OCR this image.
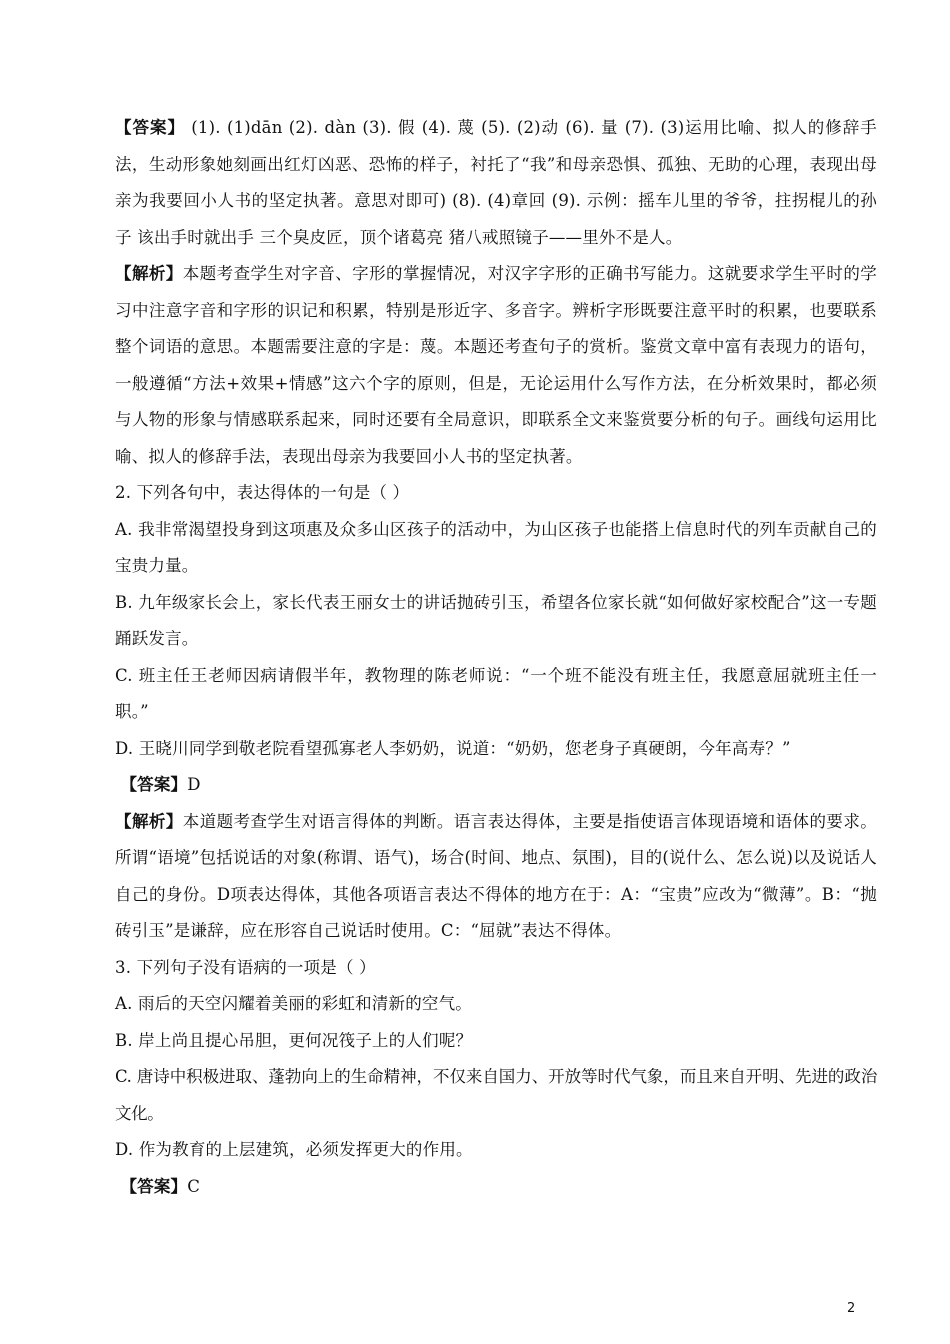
【答案】 (1). (1)dān (2). dàn (3). 假 (4). 蔑 (5). (2)动 (6). 量 (7). (3)运用比喻、拟人的修辞手法，生动形象她刻画出红灯凶恶、恐怖的样子，衬托了“我”和母亲恐惧、孤独、无助的心理，表现出母亲为我要回小人书的坚定执著。意思对即可) (8). (4)章回 (9). 示例：摇车儿里的爷爷，拄拐棍儿的孙子 该出手时就出手 三个臭皮匠，顶个诸葛亮 猪八戒照镜子——里外不是人。

【解析】本题考查学生对字音、字形的掌握情况，对汉字字形的正确书写能力。这就要求学生平时的学习中注意字音和字形的识记和积累，特别是形近字、多音字。辨析字形既要注意平时的积累，也要联系整个词语的意思。本题需要注意的字是：蔑。本题还考查句子的赏析。鉴赏文章中富有表现力的语句，一般遵循“方法+效果+情感”这六个字的原则，但是，无论运用什么写作方法，在分析效果时，都必须与人物的形象与情感联系起来，同时还要有全局意识，即联系全文来鉴赏要分析的句子。画线句运用比喻、拟人的修辞手法，表现出母亲为我要回小人书的坚定执著。

2. 下列各句中，表达得体的一句是（ ）

A. 我非常渴望投身到这项惠及众多山区孩子的活动中，为山区孩子也能搭上信息时代的列车贡献自己的宝贵力量。

B. 九年级家长会上，家长代表王丽女士的讲话抛砖引玉，希望各位家长就“如何做好家校配合”这一专题踊跃发言。

C. 班主任王老师因病请假半年，教物理的陈老师说：“一个班不能没有班主任，我愿意屈就班主任一职。”

D. 王晓川同学到敬老院看望孤寡老人李奶奶，说道：“奶奶，您老身子真硬朗，今年高寿？”

【答案】D

【解析】本道题考查学生对语言得体的判断。语言表达得体，主要是指使语言体现语境和语体的要求。所谓“语境”包括说话的对象(称谓、语气)，场合(时间、地点、氛围)，目的(说什么、怎么说)以及说话人自己的身份。D项表达得体，其他各项语言表达不得体的地方在于：A：“宝贵”应改为“微薄”。B：“抛砖引玉”是谦辞，应在形容自己说话时使用。C：“屈就”表达不得体。

3. 下列句子没有语病的一项是（ ）

A. 雨后的天空闪耀着美丽的彩虹和清新的空气。

B. 岸上尚且提心吊胆，更何况筏子上的人们呢？

C. 唐诗中积极进取、蓬勃向上的生命精神，不仅来自国力、开放等时代气象，而且来自开明、先进的政治文化。

D. 作为教育的上层建筑，必须发挥更大的作用。

【答案】C

2
